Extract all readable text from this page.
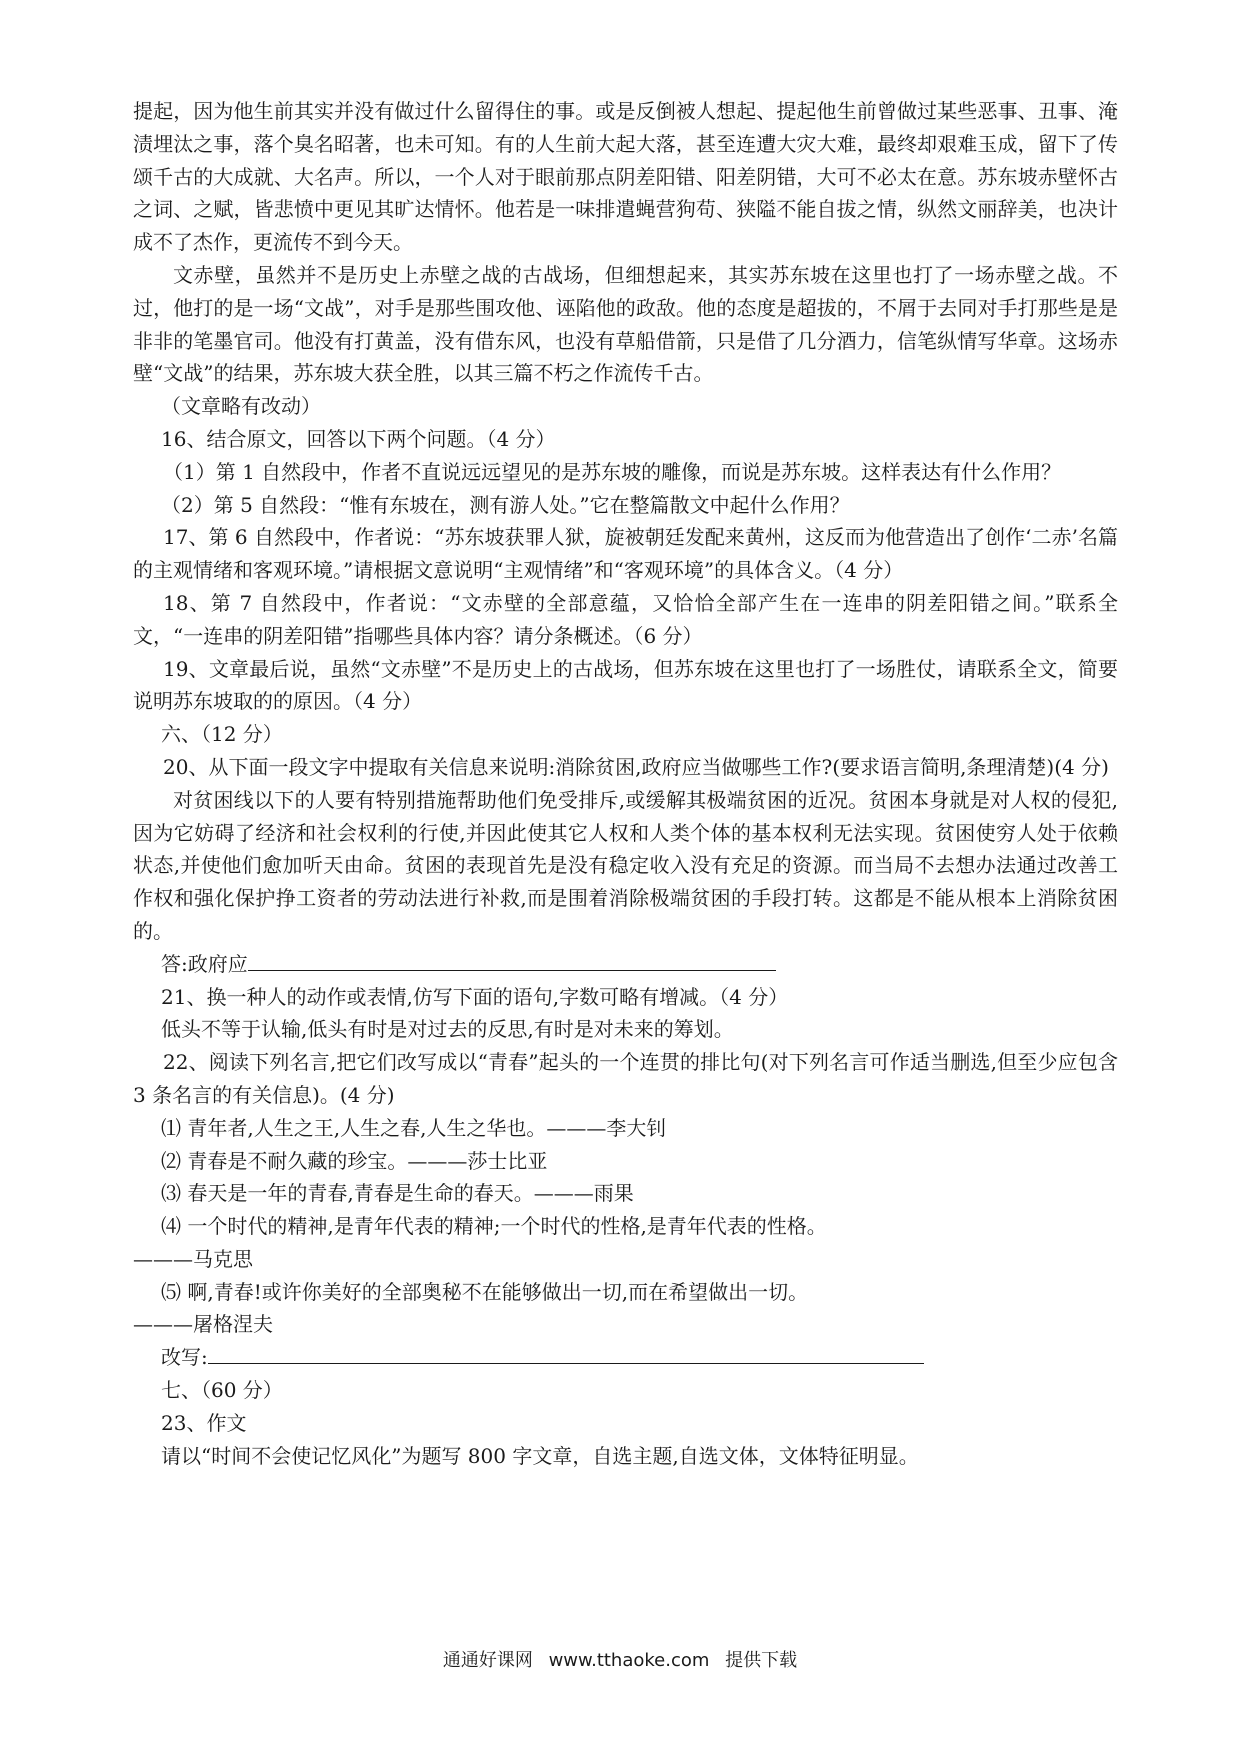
提起，因为他生前其实并没有做过什么留得住的事。或是反倒被人想起、提起他生前曾做过某些恶事、丑事、淹渍埋汰之事，落个臭名昭著，也未可知。有的人生前大起大落，甚至连遭大灾大难，最终却艰难玉成，留下了传颂千古的大成就、大名声。所以，一个人对于眼前那点阴差阳错、阳差阴错，大可不必太在意。苏东坡赤壁怀古之词、之赋，皆悲愤中更见其旷达情怀。他若是一味排遣蝇营狗苟、狭隘不能自拔之情，纵然文丽辞美，也决计成不了杰作，更流传不到今天。

文赤壁，虽然并不是历史上赤壁之战的古战场，但细想起来，其实苏东坡在这里也打了一场赤壁之战。不过，他打的是一场“文战”，对手是那些围攻他、诬陷他的政敌。他的态度是超拔的，不屑于去同对手打那些是是非非的笔墨官司。他没有打黄盖，没有借东风，也没有草船借箭，只是借了几分酒力，信笔纵情写华章。这场赤壁“文战”的结果，苏东坡大获全胜，以其三篇不朽之作流传千古。

（文章略有改动）

16、结合原文，回答以下两个问题。（4 分）

（1）第 1 自然段中，作者不直说远远望见的是苏东坡的雕像，而说是苏东坡。这样表达有什么作用？

（2）第 5 自然段：“惟有东坡在，测有游人处。”它在整篇散文中起什么作用？

17、第 6 自然段中，作者说：“苏东坡获罪人狱，旋被朝廷发配来黄州，这反而为他营造出了创作‘二赤’名篇的主观情绪和客观环境。”请根据文意说明“主观情绪”和“客观环境”的具体含义。（4 分）

18、第 7 自然段中，作者说：“文赤壁的全部意蕴，又恰恰全部产生在一连串的阴差阳错之间。”联系全文，“一连串的阴差阳错”指哪些具体内容？请分条概述。（6 分）

19、文章最后说，虽然“文赤壁”不是历史上的古战场，但苏东坡在这里也打了一场胜仗，请联系全文，简要说明苏东坡取的的原因。（4 分）

六、（12 分）

20、从下面一段文字中提取有关信息来说明:消除贫困,政府应当做哪些工作?(要求语言简明,条理清楚)(4 分)

对贫困线以下的人要有特别措施帮助他们免受排斥,或缓解其极端贫困的近况。贫困本身就是对人权的侵犯,因为它妨碍了经济和社会权利的行使,并因此使其它人权和人类个体的基本权利无法实现。贫困使穷人处于依赖状态,并使他们愈加听天由命。贫困的表现首先是没有稳定收入没有充足的资源。而当局不去想办法通过改善工作权和强化保护挣工资者的劳动法进行补救,而是围着消除极端贫困的手段打转。这都是不能从根本上消除贫困的。

答:政府应

21、换一种人的动作或表情,仿写下面的语句,字数可略有增减。（4 分）

低头不等于认输,低头有时是对过去的反思,有时是对未来的筹划。

22、阅读下列名言,把它们改写成以“青春”起头的一个连贯的排比句(对下列名言可作适当删选,但至少应包含 3 条名言的有关信息)。(4 分)

⑴ 青年者,人生之王,人生之春,人生之华也。———李大钊

⑵ 青春是不耐久藏的珍宝。———莎士比亚

⑶ 春天是一年的青春,青春是生命的春天。———雨果

⑷ 一个时代的精神,是青年代表的精神;一个时代的性格,是青年代表的性格。

———马克思

⑸ 啊,青春!或许你美好的全部奥秘不在能够做出一切,而在希望做出一切。

———屠格涅夫

改写:

七、（60 分）

23、作文

请以“时间不会使记忆风化”为题写 800 字文章，自选主题,自选文体，文体特征明显。

通通好课网 www.tthaoke.com 提供下载
